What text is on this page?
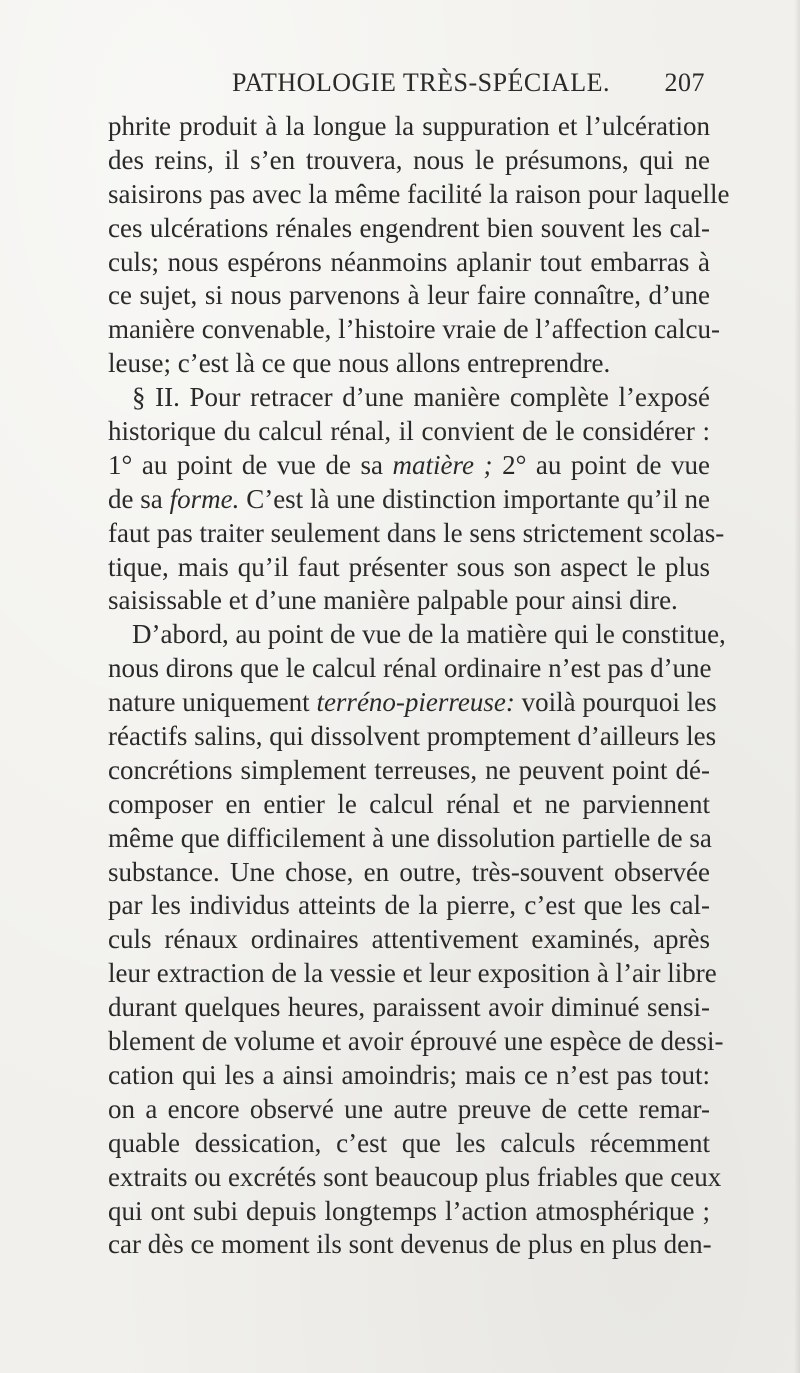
PATHOLOGIE TRÈS-SPÉCIALE. 207
phrite produit à la longue la suppuration et l’ulcération
des reins, il s’en trouvera, nous le présumons, qui ne
saisirons pas avec la même facilité la raison pour laquelle
ces ulcérations rénales engendrent bien souvent les cal-
culs; nous espérons néanmoins aplanir tout embarras à
ce sujet, si nous parvenons à leur faire connaître, d’une
manière convenable, l’histoire vraie de l’affection calcu-
leuse; c’est là ce que nous allons entreprendre.
§ II. Pour retracer d’une manière complète l’exposé
historique du calcul rénal, il convient de le considérer :
1° au point de vue de sa matière ; 2° au point de vue
de sa forme. C’est là une distinction importante qu’il ne
faut pas traiter seulement dans le sens strictement scolas-
tique, mais qu’il faut présenter sous son aspect le plus
saisissable et d’une manière palpable pour ainsi dire.
D’abord, au point de vue de la matière qui le constitue,
nous dirons que le calcul rénal ordinaire n’est pas d’une
nature uniquement terréno-pierreuse: voilà pourquoi les
réactifs salins, qui dissolvent promptement d’ailleurs les
concrétions simplement terreuses, ne peuvent point dé-
composer en entier le calcul rénal et ne parviennent
même que difficilement à une dissolution partielle de sa
substance. Une chose, en outre, très-souvent observée
par les individus atteints de la pierre, c’est que les cal-
culs rénaux ordinaires attentivement examinés, après
leur extraction de la vessie et leur exposition à l’air libre
durant quelques heures, paraissent avoir diminué sensi-
blement de volume et avoir éprouvé une espèce de dessi-
cation qui les a ainsi amoindris; mais ce n’est pas tout:
on a encore observé une autre preuve de cette remar-
quable dessication, c’est que les calculs récemment
extraits ou excrétés sont beaucoup plus friables que ceux
qui ont subi depuis longtemps l’action atmosphérique ;
car dès ce moment ils sont devenus de plus en plus den-
